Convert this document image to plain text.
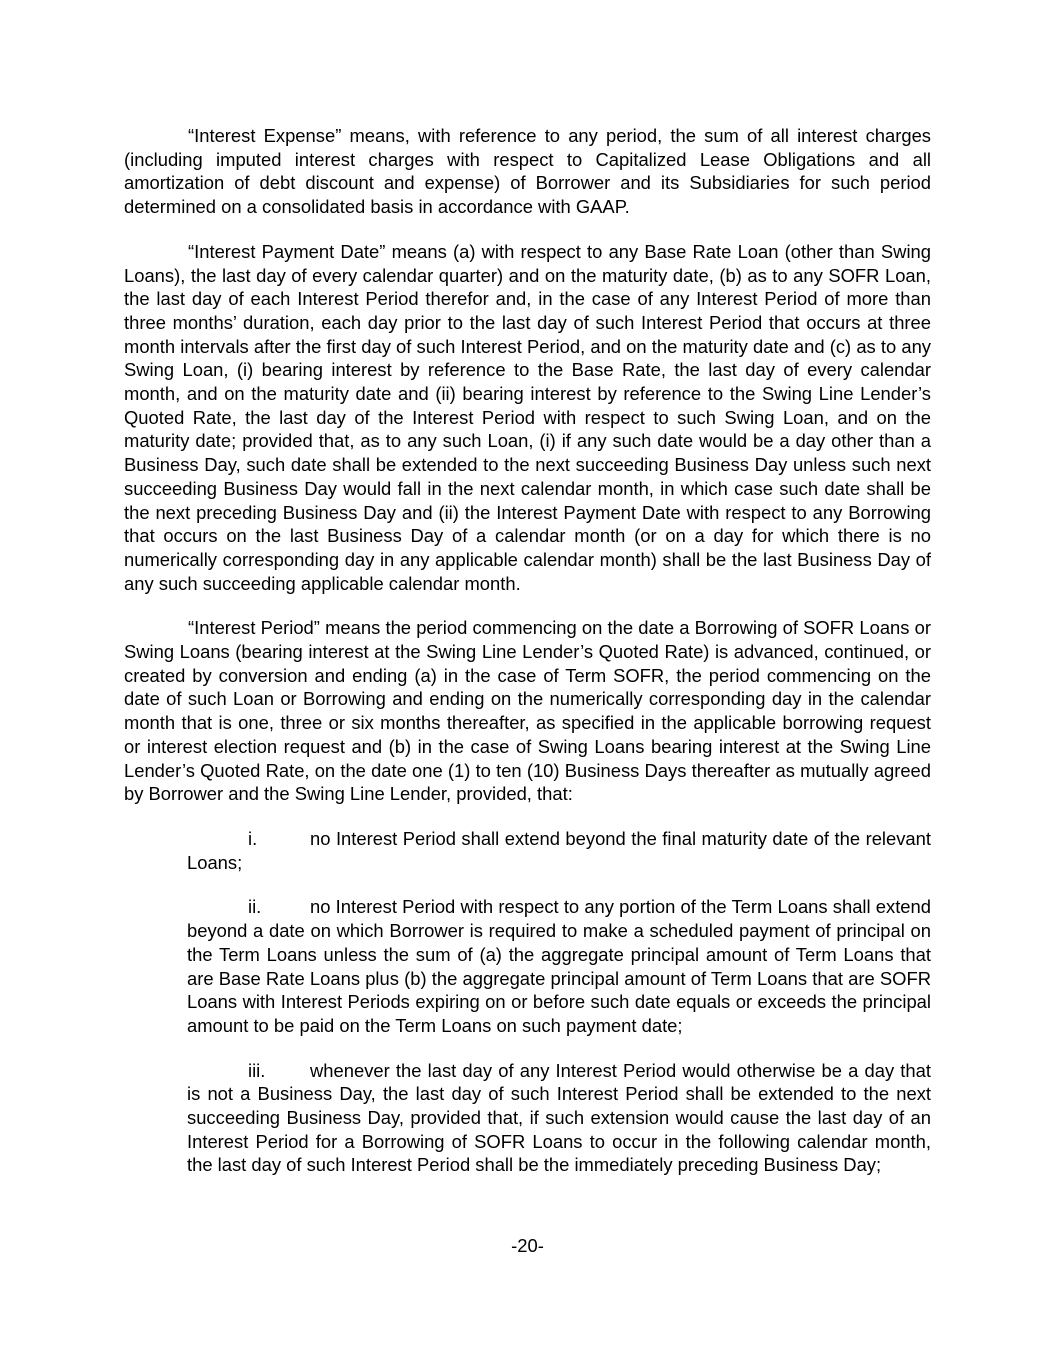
“Interest Expense” means, with reference to any period, the sum of all interest charges (including imputed interest charges with respect to Capitalized Lease Obligations and all amortization of debt discount and expense) of Borrower and its Subsidiaries for such period determined on a consolidated basis in accordance with GAAP.

“Interest Payment Date” means (a) with respect to any Base Rate Loan (other than Swing Loans), the last day of every calendar quarter) and on the maturity date, (b) as to any SOFR Loan, the last day of each Interest Period therefor and, in the case of any Interest Period of more than three months’ duration, each day prior to the last day of such Interest Period that occurs at three month intervals after the first day of such Interest Period, and on the maturity date and (c) as to any Swing Loan, (i) bearing interest by reference to the Base Rate, the last day of every calendar month, and on the maturity date and (ii) bearing interest by reference to the Swing Line Lender’s Quoted Rate, the last day of the Interest Period with respect to such Swing Loan, and on the maturity date; provided that, as to any such Loan, (i) if any such date would be a day other than a Business Day, such date shall be extended to the next succeeding Business Day unless such next succeeding Business Day would fall in the next calendar month, in which case such date shall be the next preceding Business Day and (ii) the Interest Payment Date with respect to any Borrowing that occurs on the last Business Day of a calendar month (or on a day for which there is no numerically corresponding day in any applicable calendar month) shall be the last Business Day of any such succeeding applicable calendar month.

“Interest Period” means the period commencing on the date a Borrowing of SOFR Loans or Swing Loans (bearing interest at the Swing Line Lender’s Quoted Rate) is advanced, continued, or created by conversion and ending (a) in the case of Term SOFR, the period commencing on the date of such Loan or Borrowing and ending on the numerically corresponding day in the calendar month that is one, three or six months thereafter, as specified in the applicable borrowing request or interest election request and (b) in the case of Swing Loans bearing interest at the Swing Line Lender’s Quoted Rate, on the date one (1) to ten (10) Business Days thereafter as mutually agreed by Borrower and the Swing Line Lender, provided, that:

i.	no Interest Period shall extend beyond the final maturity date of the relevant Loans;
ii.	no Interest Period with respect to any portion of the Term Loans shall extend beyond a date on which Borrower is required to make a scheduled payment of principal on the Term Loans unless the sum of (a) the aggregate principal amount of Term Loans that are Base Rate Loans plus (b) the aggregate principal amount of Term Loans that are SOFR Loans with Interest Periods expiring on or before such date equals or exceeds the principal amount to be paid on the Term Loans on such payment date;
iii. whenever the last day of any Interest Period would otherwise be a day that is not a Business Day, the last day of such Interest Period shall be extended to the next succeeding Business Day, provided that, if such extension would cause the last day of an Interest Period for a Borrowing of SOFR Loans to occur in the following calendar month, the last day of such Interest Period shall be the immediately preceding Business Day;
-20-
